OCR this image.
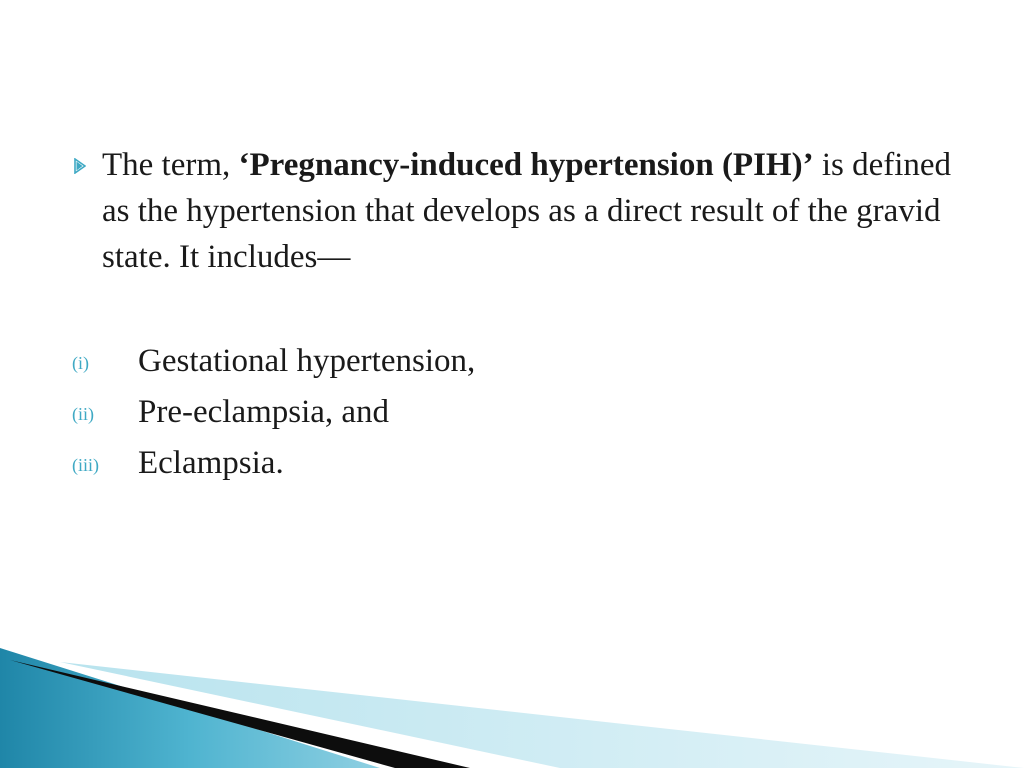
The term, ‘Pregnancy-induced hypertension (PIH)’ is defined as the hypertension that develops as a direct result of the gravid state. It includes—
(i) Gestational hypertension,
(ii) Pre-eclampsia, and
(iii) Eclampsia.
